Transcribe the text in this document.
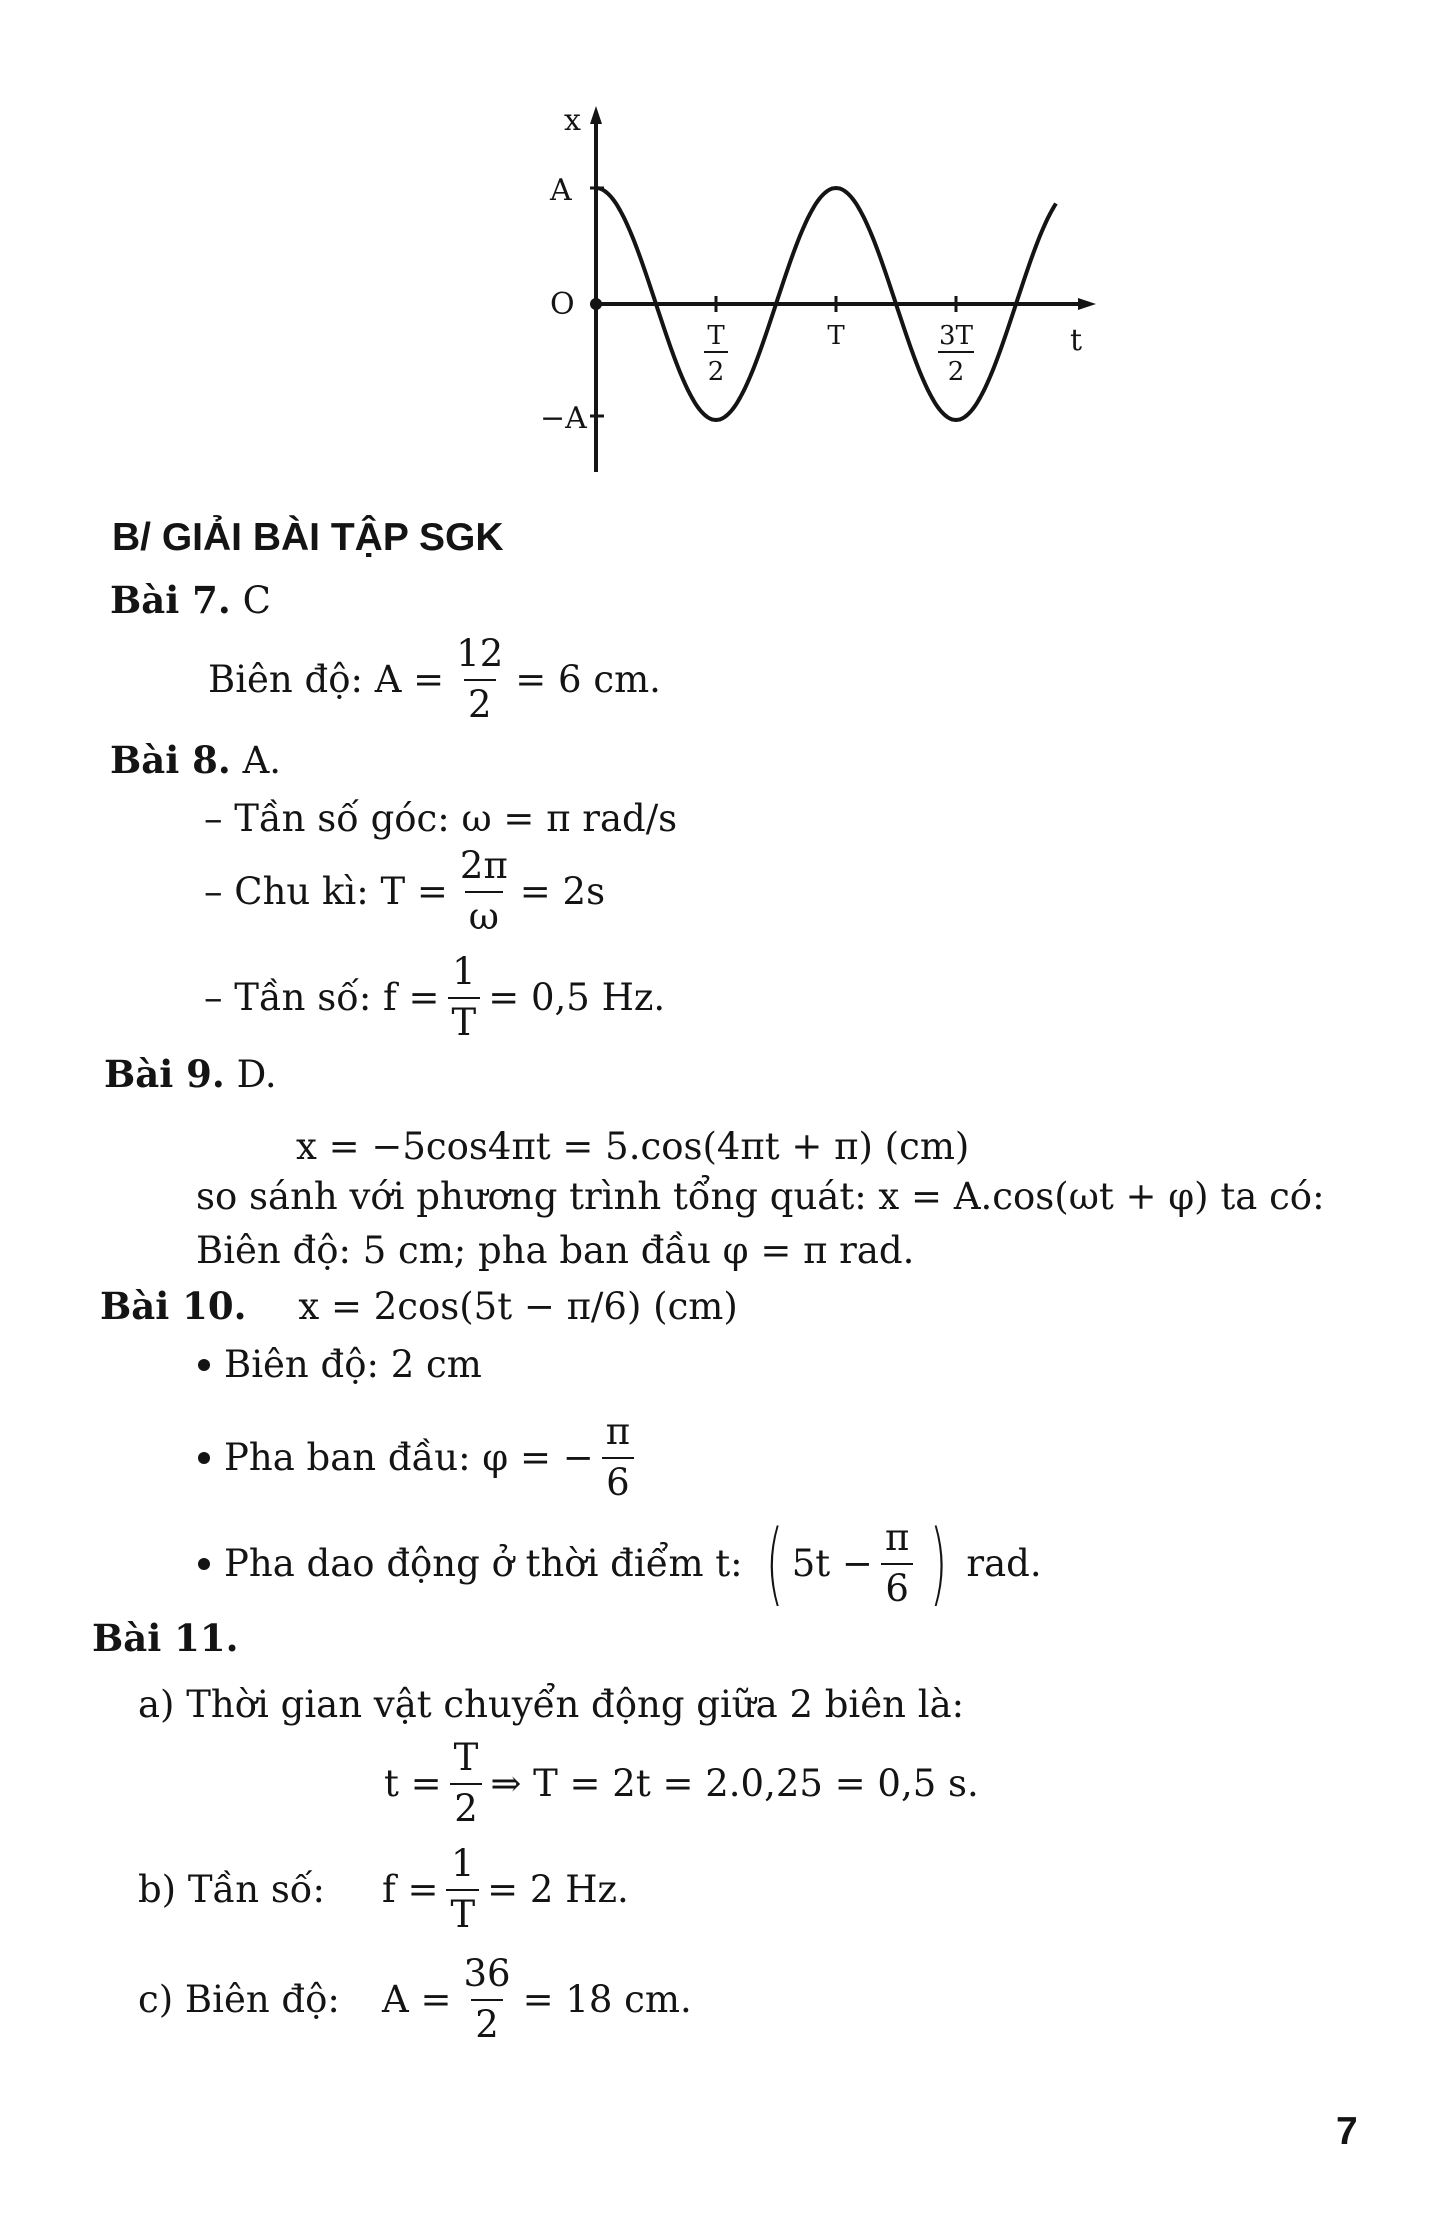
x
t
A
O
−A
T
2
T	3T
2
B/ GIẢI BÀI TẬP SGK
Bài 7. C
Biên độ: $A = \frac{12}{2} = 6$ cm.
Bài 8. A.
– Tần số góc: ω = π rad/s
– Chu kì: $T = \frac{2\pi}{\omega} = 2s$
– Tần số: $f = \frac{1}{T} = 0,5$ Hz.
Bài 9. D.
x = −5cos4πt = 5.cos(4πt + π) (cm)
so sánh với phương trình tổng quát: x = A.cos(ωt + φ) ta có:
Biên độ: 5 cm; pha ban đầu φ = π rad.
Bài 10. x = 2cos(5t − π/6) (cm)
Biên độ: 2 cm
Pha ban đầu: φ = − $\frac{\pi}{6}$
Pha dao động ở thời điểm t: ( $5t - \frac{\pi}{6}$ ) rad.
Bài 11.
a) Thời gian vật chuyển động giữa 2 biên là:
$t = \frac{T}{2}$ ⇒ T = 2t = 2.0,25 = 0,5 s.
b) Tần số:	$f = \frac{1}{T} = 2$ Hz.
c) Biên độ:	$A = \frac{36}{2} = 18$ cm.
7
